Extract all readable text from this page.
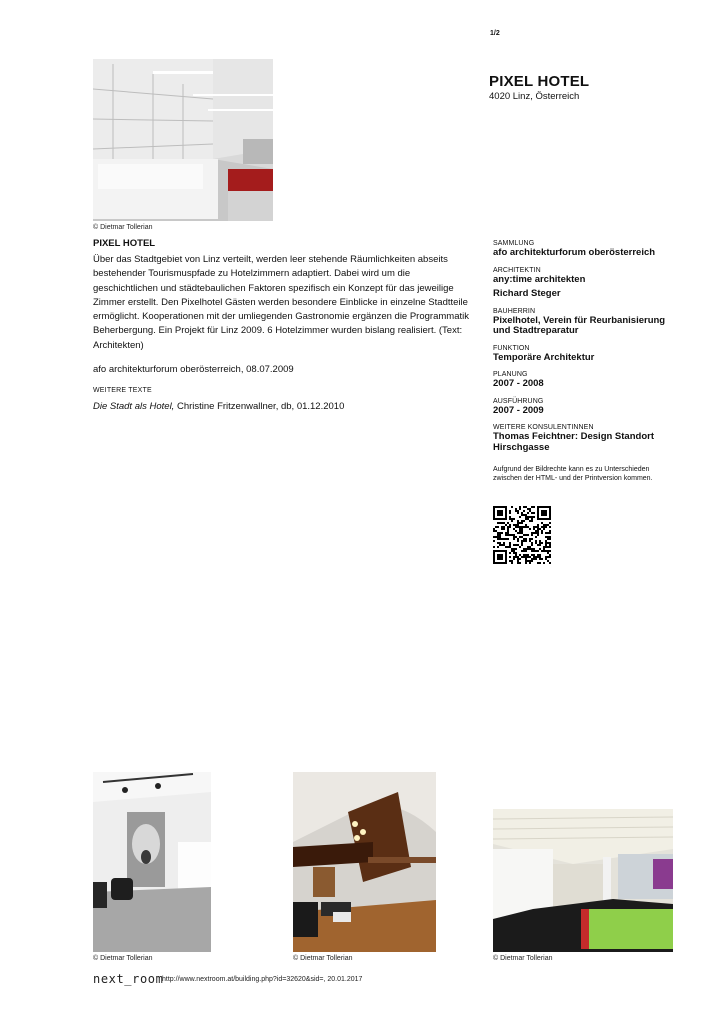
1/2
PIXEL HOTEL
4020 Linz, Österreich
© Dietmar Tollerian
PIXEL HOTEL
Über das Stadtgebiet von Linz verteilt, werden leer stehende Räumlichkeiten abseits bestehender Tourismuspfade zu Hotelzimmern adaptiert. Dabei wird um die geschichtlichen und städtebaulichen Faktoren spezifisch ein Konzept für das jeweilige Zimmer erstellt. Den Pixelhotel Gästen werden besondere Einblicke in einzelne Stadtteile ermöglicht. Kooperationen mit der umliegenden Gastronomie ergänzen die Programmatik Beherbergung. Ein Projekt für Linz 2009. 6 Hotelzimmer wurden bislang realisiert. (Text: Architekten)
afo architekturforum oberösterreich, 08.07.2009
WEITERE TEXTE
Die Stadt als Hotel, Christine Fritzenwallner, db, 01.12.2010
SAMMLUNG
afo architekturforum oberösterreich
ARCHITEKTIN
any:time architekten
Richard Steger
BAUHERRIN
Pixelhotel, Verein für Reurbanisierung und Stadtreparatur
FUNKTION
Temporäre Architektur
PLANUNG
2007 - 2008
AUSFÜHRUNG
2007 - 2009
WEITERE KONSULENTINNEN
Thomas Feichtner: Design Standort Hirschgasse
Aufgrund der Bildrechte kann es zu Unterschieden zwischen der HTML- und der Printversion kommen.
© Dietmar Tollerian	© Dietmar Tollerian	© Dietmar Tollerian
next_room
http://www.nextroom.at/building.php?id=32620&sid=, 20.01.2017
